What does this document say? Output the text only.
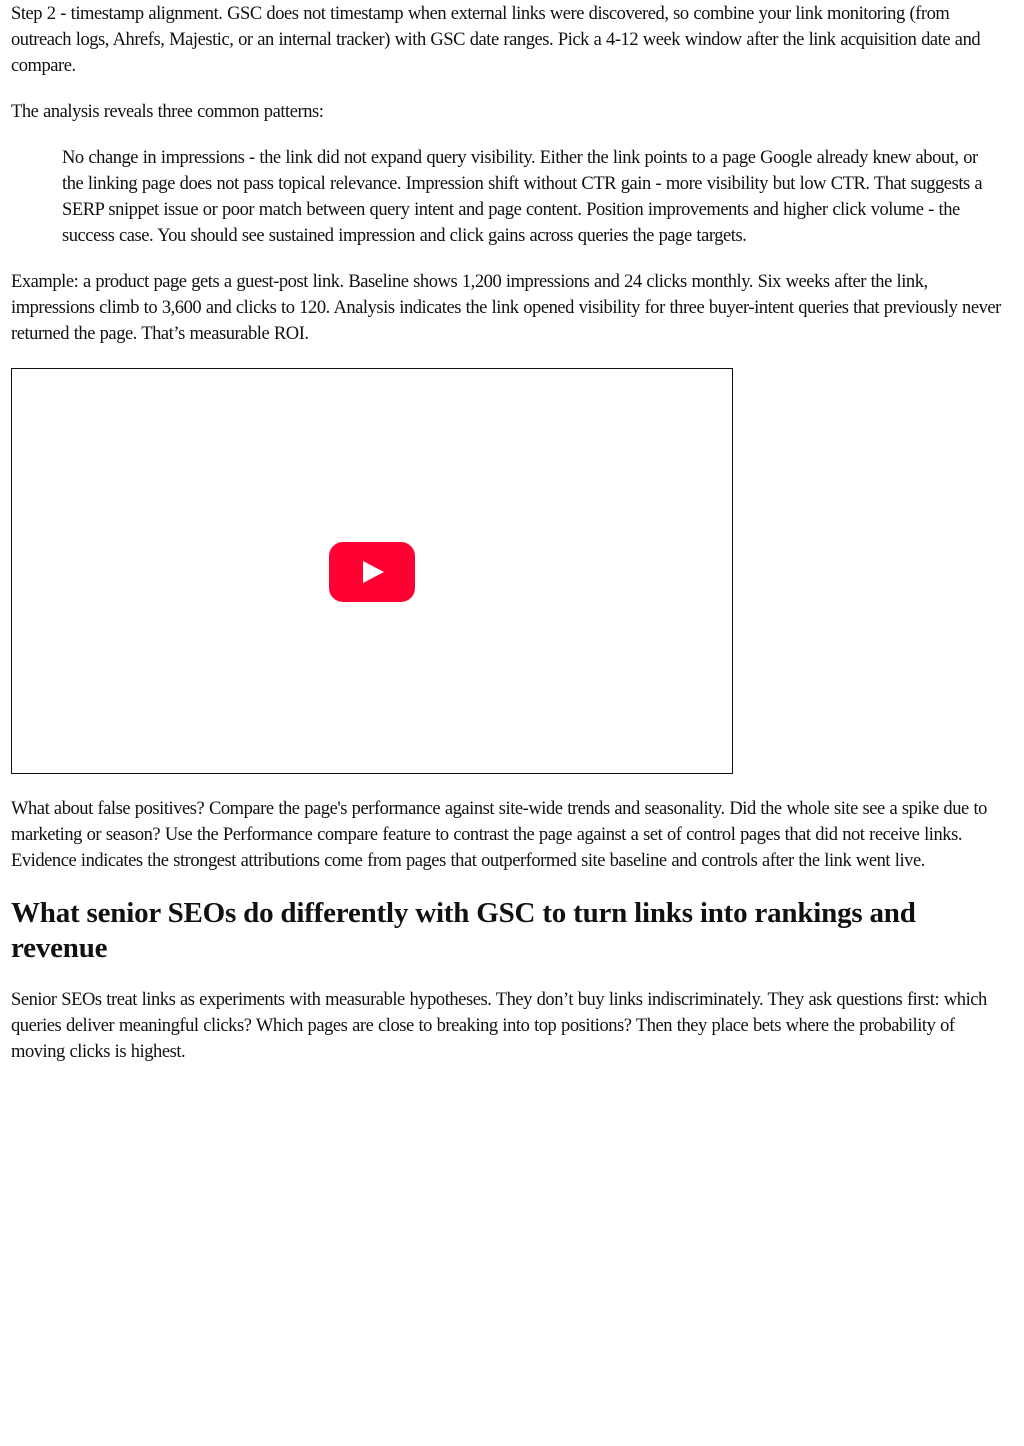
Step 2 - timestamp alignment. GSC does not timestamp when external links were discovered, so combine your link monitoring (from outreach logs, Ahrefs, Majestic, or an internal tracker) with GSC date ranges. Pick a 4-12 week window after the link acquisition date and compare.

The analysis reveals three common patterns:

No change in impressions - the link did not expand query visibility. Either the link points to a page Google already knew about, or the linking page does not pass topical relevance. Impression shift without CTR gain - more visibility but low CTR. That suggests a SERP snippet issue or poor match between query intent and page content. Position improvements and higher click volume - the success case. You should see sustained impression and click gains across queries the page targets.

Example: a product page gets a guest-post link. Baseline shows 1,200 impressions and 24 clicks monthly. Six weeks after the link, impressions climb to 3,600 and clicks to 120. Analysis indicates the link opened visibility for three buyer-intent queries that previously never returned the page. That’s measurable ROI.

What about false positives? Compare the page's performance against site-wide trends and seasonality. Did the whole site see a spike due to marketing or season? Use the Performance compare feature to contrast the page against a set of control pages that did not receive links. Evidence indicates the strongest attributions come from pages that outperformed site baseline and controls after the link went live.

What senior SEOs do differently with GSC to turn links into rankings and revenue

Senior SEOs treat links as experiments with measurable hypotheses. They don’t buy links indiscriminately. They ask questions first: which queries deliver meaningful clicks? Which pages are close to breaking into top positions? Then they place bets where the probability of moving clicks is highest.
